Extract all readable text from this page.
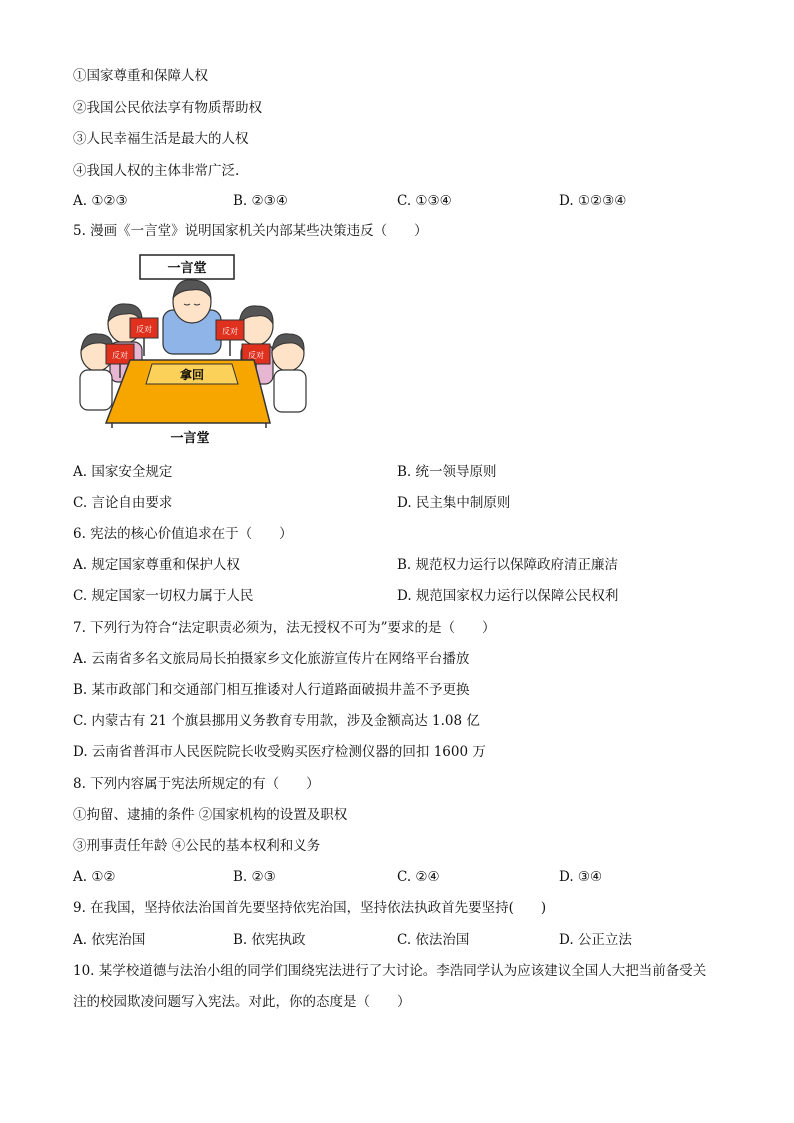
①国家尊重和保障人权
②我国公民依法享有物质帮助权
③人民幸福生活是最大的人权
④我国人权的主体非常广泛.
A. ①②③	B. ②③④	C. ①③④	D. ①②③④
5. 漫画《一言堂》说明国家机关内部某些决策违反（　　）
一言堂
反对
反对
反对
反对
拿回
一言堂
A. 国家安全规定	B. 统一领导原则
C. 言论自由要求	D. 民主集中制原则
6. 宪法的核心价值追求在于（　　）
A. 规定国家尊重和保护人权	B. 规范权力运行以保障政府清正廉洁
C. 规定国家一切权力属于人民	D. 规范国家权力运行以保障公民权利
7. 下列行为符合“法定职责必须为，法无授权不可为”要求的是（　　）
A. 云南省多名文旅局局长拍摄家乡文化旅游宣传片在网络平台播放
B. 某市政部门和交通部门相互推诿对人行道路面破损井盖不予更换
C. 内蒙古有 21 个旗县挪用义务教育专用款，涉及金额高达 1.08 亿
D. 云南省普洱市人民医院院长收受购买医疗检测仪器的回扣 1600 万
8. 下列内容属于宪法所规定的有（　　）
①拘留、逮捕的条件 ②国家机构的设置及职权
③刑事责任年龄 ④公民的基本权利和义务
A. ①②	B. ②③	C. ②④	D. ③④
9. 在我国，坚持依法治国首先要坚持依宪治国，坚持依法执政首先要坚持(　　)
A. 依宪治国	B. 依宪执政	C. 依法治国	D. 公正立法
10. 某学校道德与法治小组的同学们围绕宪法进行了大讨论。李浩同学认为应该建议全国人大把当前备受关
注的校园欺凌问题写入宪法。对此，你的态度是（　　）
